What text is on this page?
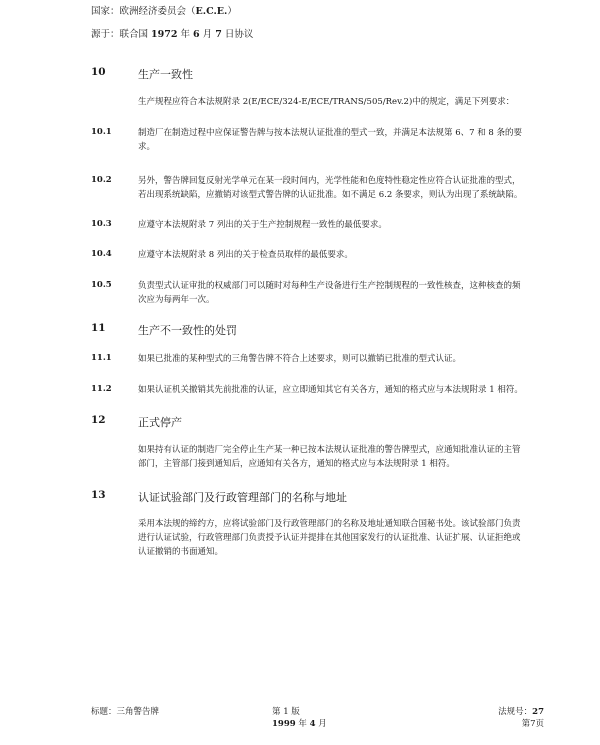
国家：欧洲经济委员会（E.C.E.）
源于：联合国 1972 年 6 月 7 日协议
10	生产一致性
生产规程应符合本法规附录 2(E/ECE/324-E/ECE/TRANS/505/Rev.2)中的规定，满足下列要求：
10.1	制造厂在制造过程中应保证警告牌与按本法规认证批准的型式一致，并满足本法规第 6、7 和 8 条的要
求。
10.2	另外，警告牌回复反射光学单元在某一段时间内，光学性能和色度特性稳定性应符合认证批准的型式，
若出现系统缺陷，应撤销对该型式警告牌的认证批准。如不满足 6.2 条要求，则认为出现了系统缺陷。
10.3	应遵守本法规附录 7 列出的关于生产控制规程一致性的最低要求。
10.4	应遵守本法规附录 8 列出的关于检查员取样的最低要求。
10.5	负责型式认证审批的权威部门可以随时对每种生产设备进行生产控制规程的一致性核查，这种核查的频
次应为每两年一次。
11	生产不一致性的处罚
11.1	如果已批准的某种型式的三角警告牌不符合上述要求，则可以撤销已批准的型式认证。
11.2	如果认证机关撤销其先前批准的认证，应立即通知其它有关各方，通知的格式应与本法规附录 1 相符。
12	正式停产
如果持有认证的制造厂完全停止生产某一种已按本法规认证批准的警告牌型式，应通知批准认证的主管
部门，主管部门接到通知后，应通知有关各方，通知的格式应与本法规附录 1 相符。
13	认证试验部门及行政管理部门的名称与地址
采用本法规的缔约方，应将试验部门及行政管理部门的名称及地址通知联合国秘书处。该试验部门负责
进行认证试验，行政管理部门负责授予认证并提排在其他国家发行的认证批准、认证扩展、认证拒绝或
认证撤销的书面通知。
标题：三角警告牌	第 1 版
1999 年 4 月
法规号：27
第7页
